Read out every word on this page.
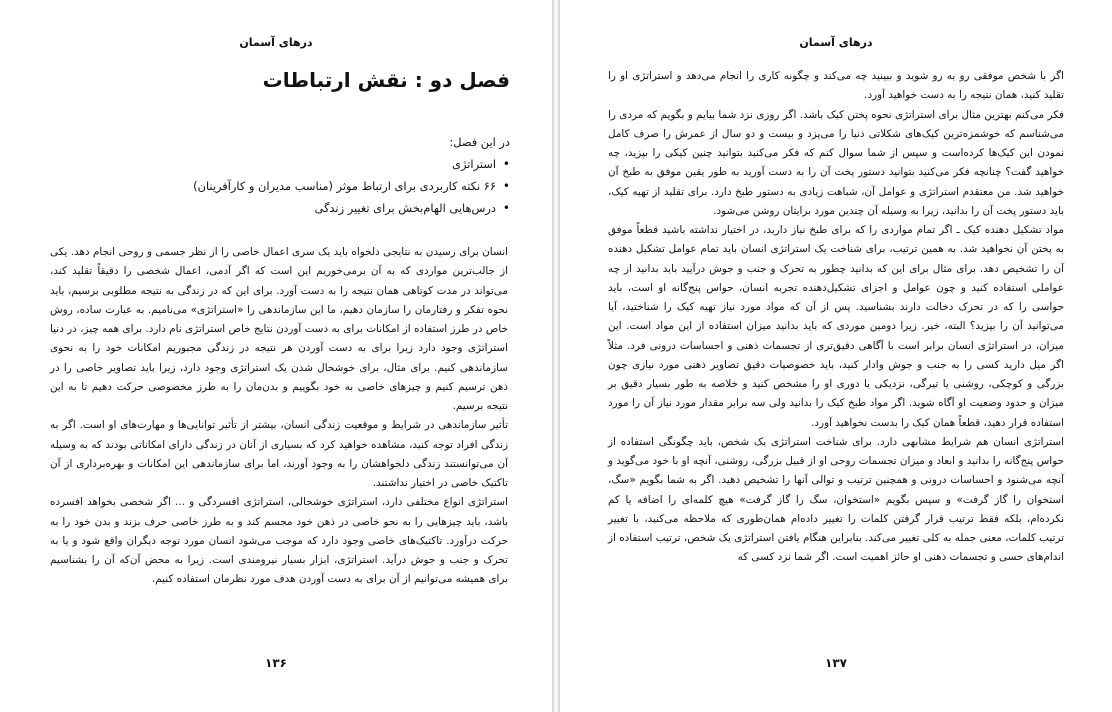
درهای آسمان
فصل دو : نقش ارتباطات
در این فصل:
• استراتژی
• ۶۶ نکته کاربردی برای ارتباط موثر (مناسب مدیران و کارآفرینان)
• درس‌هایی الهام‌بخش برای تغییر زندگی

انسان برای رسیدن به نتایجی دلخواه باید یک سری اعمال خاصی را از نظر جسمی و روحی انجام دهد. یکی از جالب‌ترین مواردی که به آن برمی‌خوریم این است که اگر آدمی، اعمال شخصی را دقیقاً تقلید کند، می‌تواند در مدت کوتاهی همان نتیجه را به دست آورد. برای این که در زندگی به نتیجه مطلوبی برسیم، باید نحوه تفکر و رفتارمان را سازمان دهیم، ما این سازماندهی را «استراتژی» می‌نامیم. به عبارت ساده، روش خاص در طرز استفاده از امکانات برای به دست آوردن نتایج خاص استراتژی نام دارد. برای همه چیز، در دنیا استراتژی وجود دارد زیرا برای به دست آوردن هر نتیجه در زندگی مجبوریم امکانات خود را به نحوی سازماندهی کنیم. برای مثال، برای خوشحال شدن یک استراتژی وجود دارد، زیرا باید تصاویر خاصی را در ذهن ترسیم کنیم و چیزهای خاصی به خود بگوییم و بدن‌مان را به طرز مخصوصی حرکت دهیم تا به این نتیجه برسیم.

تأثیر سازماندهی در شرایط و موقعیت زندگی انسان، بیشتر از تأثیر توانایی‌ها و مهارت‌های او است. اگر به زندگی افراد توجه کنید، مشاهده خواهید کرد که بسیاری از آنان در زندگی دارای امکاناتی بودند که به وسیله آن می‌توانستند زندگی دلخواهشان را به وجود آورند، اما برای سازماندهی این امکانات و بهره‌برداری از آن تاکتیک خاصی در اختیار نداشتند.

استراتژی انواع مختلفی دارد، استراتژی خوشحالی، استراتژی افسردگی و ... اگر شخصی بخواهد افسرده باشد، باید چیزهایی را به نحو خاصی در ذهن خود مجسم کند و به طرز خاصی حرف بزند و بدن خود را به حرکت درآورد. تاکتیک‌های خاصی وجود دارد که موجب می‌شود انسان مورد توجه دیگران واقع شود و یا به تحرک و جنب و جوش درآید. استراتژی، ابزار بسیار نیرومندی است. زیرا به محض آن‌که آن را بشناسیم برای همیشه می‌توانیم از آن برای به دست آوردن هدف مورد نظرمان استفاده کنیم.

۱۳۶
درهای آسمان

اگر با شخص موفقی رو به رو شوید و ببینید چه می‌کند و چگونه کاری را انجام می‌دهد و استراتژی او را تقلید کنید، همان نتیجه را به دست خواهید آورد.

فکر می‌کنم بهترین مثال برای استراتژی نحوه پختن کیک باشد. اگر روزی نزد شما بیایم و بگویم که مردی را می‌شناسم که خوشمزه‌ترین کیک‌های شکلاتی دنیا را می‌پزد و بیست و دو سال از عمرش را صرف کامل نمودن این کیک‌ها کرده‌است و سپس از شما سوال کنم که فکر می‌کنید بتوانید چنین کیکی را بپزید، چه خواهید گفت؟ چنانچه فکر می‌کنید بتوانید دستور پخت آن را به دست آورید به طور یقین موفق به طبخ آن خواهید شد. من معتقدم استراتژی و عوامل آن، شباهت زیادی به دستور طبخ دارد. برای تقلید از تهیه کیک، باید دستور پخت آن را بدانید، زیرا به وسیله آن چندین مورد برایتان روشن می‌شود.

مواد تشکیل دهنده کیک ـ اگر تمام مواردی را که برای طبخ نیاز دارید، در اختیار نداشته باشید قطعاً موفق به پختن آن نخواهید شد. به همین ترتیب، برای شناخت یک استراتژی انسان باید تمام عوامل تشکیل دهنده آن را تشخیص دهد. برای مثال برای این که بدانید چطور به تحرک و جنب و جوش درآیید باید بدانید از چه عواملی استفاده کنید و چون عوامل و اجزای تشکیل‌دهنده تجربه انسان، حواس پنج‌گانه او است، باید حواسی را که در تحرک دخالت دارند بشناسید. پس از آن که مواد مورد نیاز تهیه کیک را شناختید، آیا می‌توانید آن را بپزید؟ البته، خیر. زیرا دومین موردی که باید بدانید میزان استفاده از این مواد است. این میزان، در استراتژی انسان برابر است با آگاهی دقیق‌تری از تجسمات ذهنی و احساسات درونی فرد. مثلاً اگر میل دارید کسی را به جنب و جوش وادار کنید، باید خصوصیات دقیق تصاویر ذهنی مورد نیازی چون بزرگی و کوچکی، روشنی یا تیرگی، نزدیکی یا دوری او را مشخص کنید و خلاصه به طور بسیار دقیق بر میزان و حدود وضعیت او آگاه شوید. اگر مواد طبخ کیک را بدانید ولی سه برابر مقدار مورد نیاز آن را مورد استفاده قرار دهید، قطعاً همان کیک را بدست نخواهید آورد.

استراتژی انسان هم شرایط مشابهی دارد. برای شناخت استراتژی یک شخص، باید چگونگی استفاده از حواس پنج‌گانه را بدانید و ابعاد و میزان تجسمات روحی او از قبیل بزرگی، روشنی، آنچه او با خود می‌گوید و آنچه می‌شنود و احساسات درونی و همچنین ترتیب و توالی آنها را تشخیص دهید. اگر به شما بگویم «سگ، استخوان را گاز گرفت» و سپس بگویم «استخوان، سگ را گاز گرفت» هیچ کلمه‌ای را اضافه یا کم نکرده‌ام، بلکه فقط ترتیب قرار گرفتن کلمات را تغییر داده‌ام همان‌طوری که ملاحظه می‌کنید، با تغییر ترتیب کلمات، معنی جمله به کلی تغییر می‌کند. بنابراین هنگام یافتن استراتژی یک شخص، ترتیب استفاده از اندام‌های حسی و تجسمات ذهنی او حائز اهمیت است. اگر شما نزد کسی که

۱۳۷
